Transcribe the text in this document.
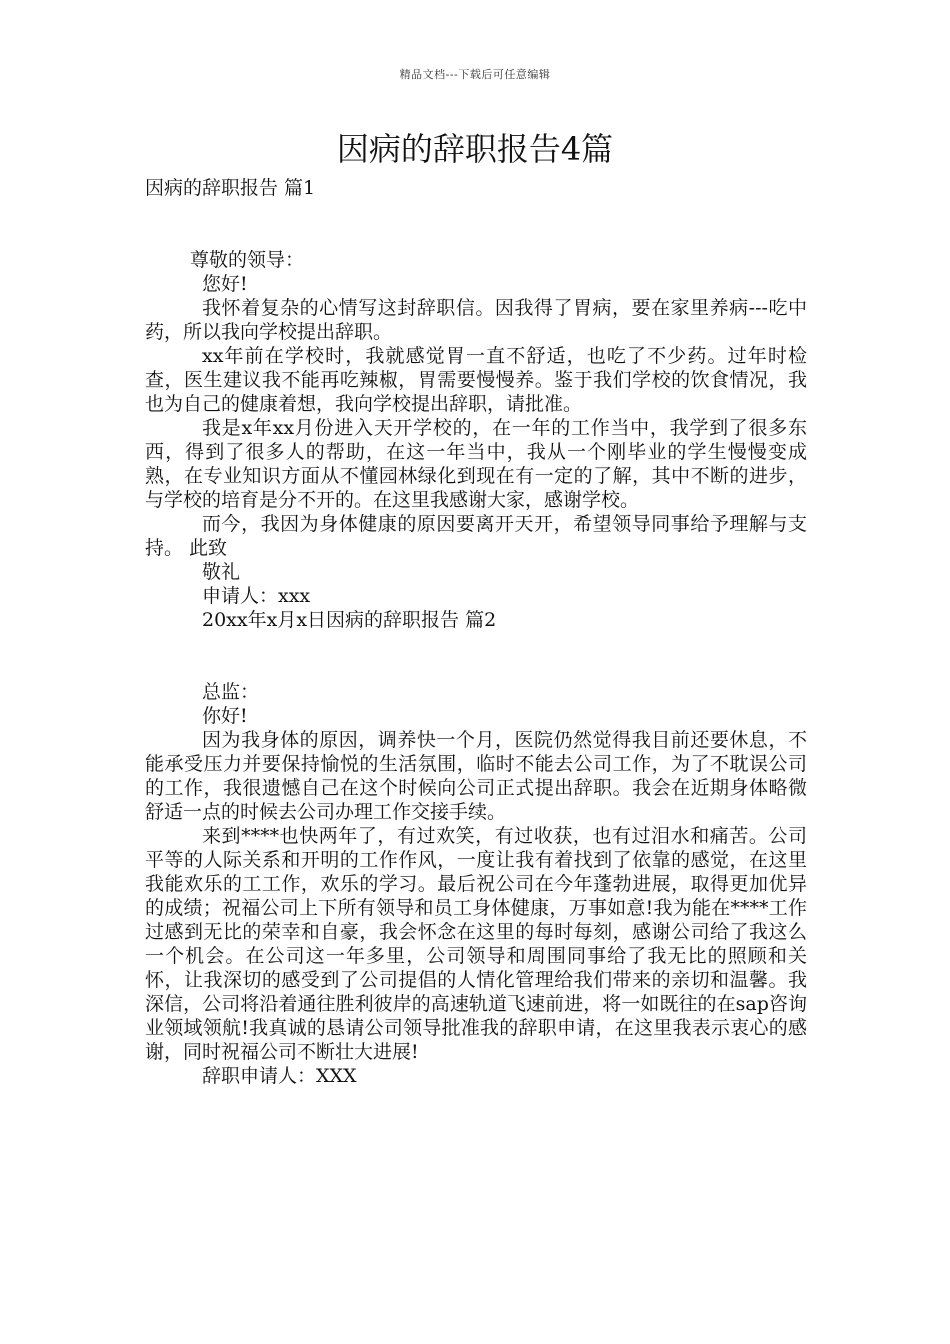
精品文档---下载后可任意编辑
因病的辞职报告4篇
因病的辞职报告 篇1
尊敬的领导：
您好!

我怀着复杂的心情写这封辞职信。因我得了胃病，要在家里养病---吃中药，所以我向学校提出辞职。

xx年前在学校时，我就感觉胃一直不舒适，也吃了不少药。过年时检查，医生建议我不能再吃辣椒，胃需要慢慢养。鉴于我们学校的饮食情况，我也为自己的健康着想，我向学校提出辞职，请批准。

我是x年xx月份进入天开学校的，在一年的工作当中，我学到了很多东西，得到了很多人的帮助，在这一年当中，我从一个刚毕业的学生慢慢变成熟，在专业知识方面从不懂园林绿化到现在有一定的了解，其中不断的进步，与学校的培育是分不开的。在这里我感谢大家，感谢学校。

而今，我因为身体健康的原因要离开天开，希望领导同事给予理解与支持。 此致

敬礼
申请人：xxx
20xx年x月x日因病的辞职报告 篇2
总监：
你好!

因为我身体的原因，调养快一个月，医院仍然觉得我目前还要休息，不能承受压力并要保持愉悦的生活氛围，临时不能去公司工作，为了不耽误公司的工作，我很遗憾自己在这个时候向公司正式提出辞职。我会在近期身体略微舒适一点的时候去公司办理工作交接手续。

来到****也快两年了，有过欢笑，有过收获，也有过泪水和痛苦。公司平等的人际关系和开明的工作作风，一度让我有着找到了依靠的感觉，在这里我能欢乐的工工作，欢乐的学习。最后祝公司在今年蓬勃进展，取得更加优异的成绩；祝福公司上下所有领导和员工身体健康，万事如意!我为能在****工作过感到无比的荣幸和自豪，我会怀念在这里的每时每刻，感谢公司给了我这么一个机会。在公司这一年多里，公司领导和周围同事给了我无比的照顾和关怀，让我深切的感受到了公司提倡的人情化管理给我们带来的亲切和温馨。我深信，公司将沿着通往胜利彼岸的高速轨道飞速前进，将一如既往的在sap咨询业领域领航!我真诚的恳请公司领导批准我的辞职申请，在这里我表示衷心的感谢，同时祝福公司不断壮大进展!

辞职申请人：XXX
